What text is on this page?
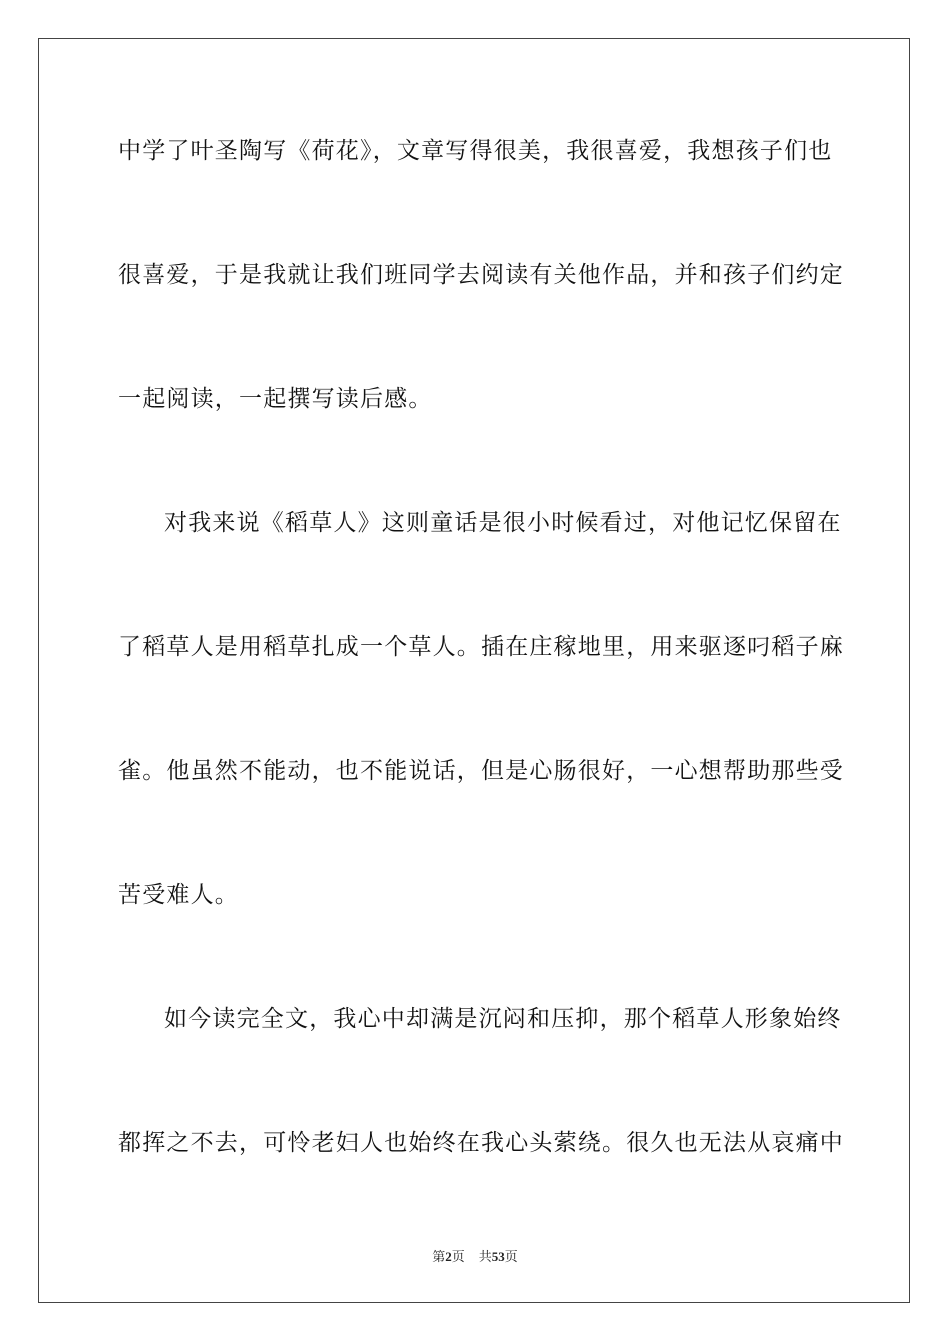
中学了叶圣陶写《荷花》，文章写得很美，我很喜爱，我想孩子们也
很喜爱，于是我就让我们班同学去阅读有关他作品，并和孩子们约定
一起阅读，一起撰写读后感。
对我来说《稻草人》这则童话是很小时候看过，对他记忆保留在
了稻草人是用稻草扎成一个草人。插在庄稼地里，用来驱逐叼稻子麻
雀。他虽然不能动，也不能说话，但是心肠很好，一心想帮助那些受
苦受难人。
如今读完全文，我心中却满是沉闷和压抑，那个稻草人形象始终
都挥之不去，可怜老妇人也始终在我心头萦绕。很久也无法从哀痛中
第2页 共53页
